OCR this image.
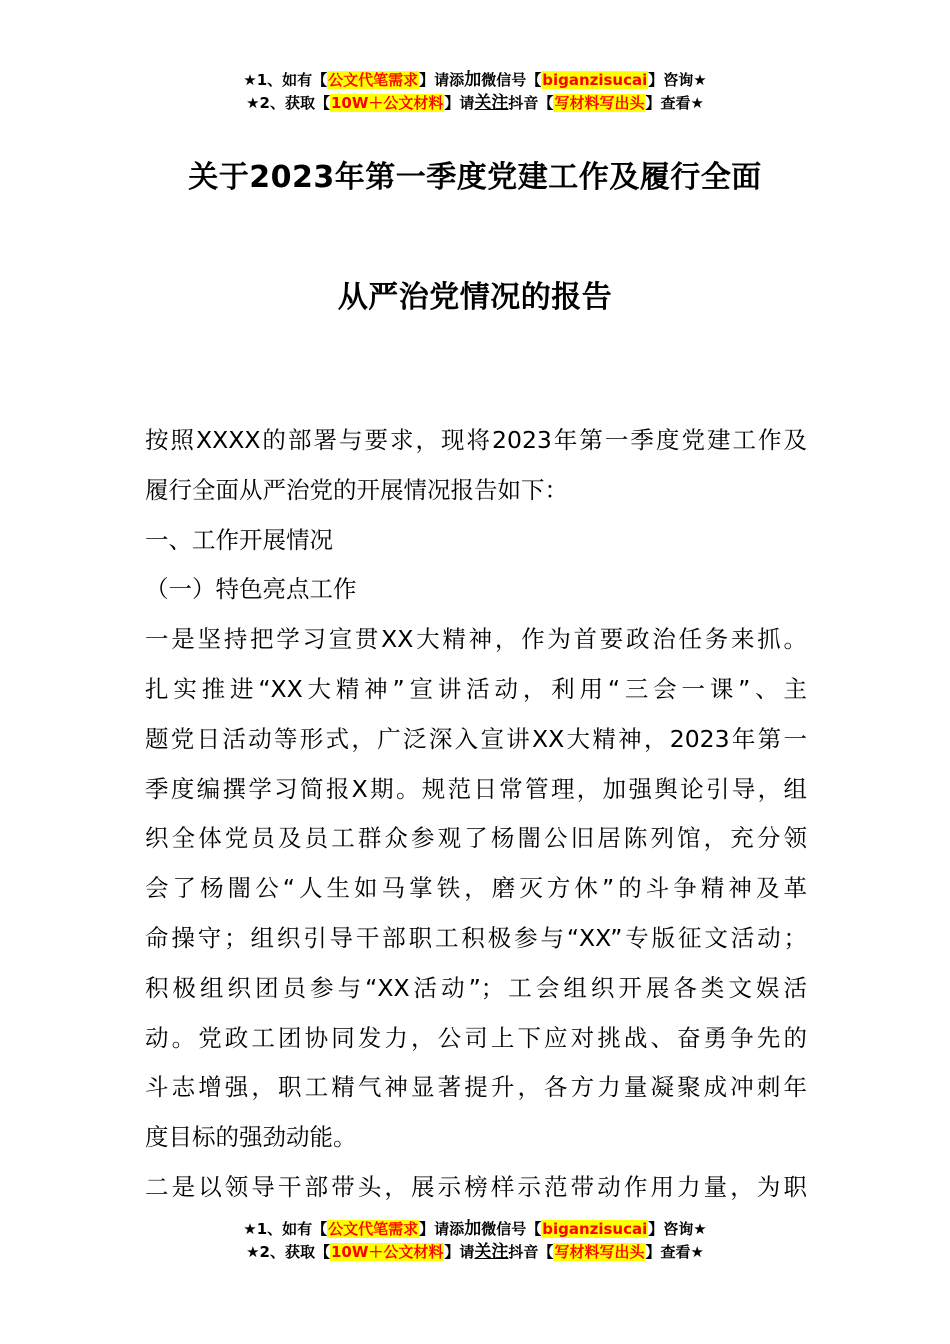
★1、如有【公文代笔需求】请添加微信号【biganzisucai】咨询★
★2、获取【10W＋公文材料】请关注抖音【写材料写出头】查看★
关于2023年第一季度党建工作及履行全面
从严治党情况的报告

按照XXXX的部署与要求，现将2023年第一季度党建工作及

履行全面从严治党的开展情况报告如下：

一、工作开展情况

（一）特色亮点工作

一是坚持把学习宣贯XX大精神，作为首要政治任务来抓。

扎实推进“XX大精神”宣讲活动，利用“三会一课”、主

题党日活动等形式，广泛深入宣讲XX大精神，2023年第一

季度编撰学习简报X期。规范日常管理，加强舆论引导，组

织全体党员及员工群众参观了杨闇公旧居陈列馆，充分领

会了杨闇公“人生如马掌铁，磨灭方休”的斗争精神及革

命操守；组织引导干部职工积极参与“XX”专版征文活动；

积极组织团员参与“XX活动”；工会组织开展各类文娱活

动。党政工团协同发力，公司上下应对挑战、奋勇争先的

斗志增强，职工精气神显著提升，各方力量凝聚成冲刺年

度目标的强劲动能。

二是以领导干部带头，展示榜样示范带动作用力量，为职

★1、如有【公文代笔需求】请添加微信号【biganzisucai】咨询★
★2、获取【10W＋公文材料】请关注抖音【写材料写出头】查看★
